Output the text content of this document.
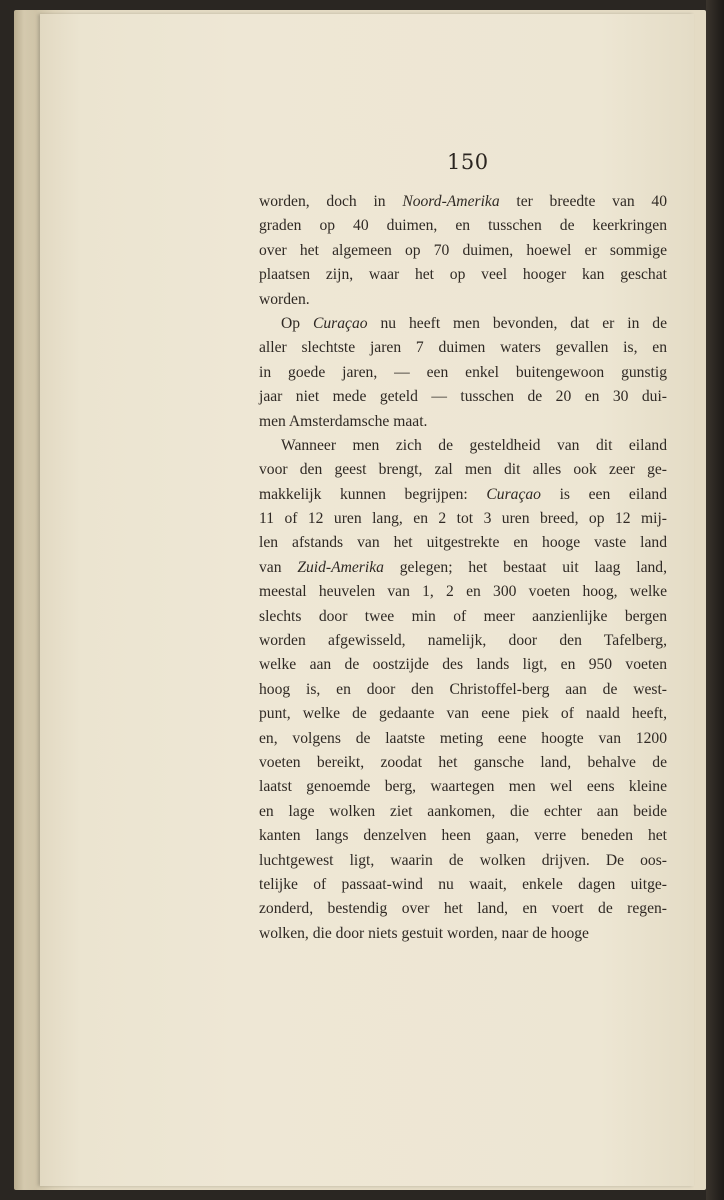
150

worden, doch in Noord-Amerika ter breedte van 40
graden op 40 duimen, en tusschen de keerkringen
over het algemeen op 70 duimen, hoewel er sommige
plaatsen zijn, waar het op veel hooger kan geschat
worden.

Op Curaçao nu heeft men bevonden, dat er in de
aller slechtste jaren 7 duimen waters gevallen is, en
in goede jaren, — een enkel buitengewoon gunstig
jaar niet mede geteld — tusschen de 20 en 30 dui-
men Amsterdamsche maat.

Wanneer men zich de gesteldheid van dit eiland
voor den geest brengt, zal men dit alles ook zeer ge-
makkelijk kunnen begrijpen: Curaçao is een eiland
11 of 12 uren lang, en 2 tot 3 uren breed, op 12 mij-
len afstands van het uitgestrekte en hooge vaste land
van Zuid-Amerika gelegen; het bestaat uit laag land,
meestal heuvelen van 1, 2 en 300 voeten hoog, welke
slechts door twee min of meer aanzienlijke bergen
worden afgewisseld, namelijk, door den Tafelberg,
welke aan de oostzijde des lands ligt, en 950 voeten
hoog is, en door den Christoffel-berg aan de west-
punt, welke de gedaante van eene piek of naald heeft,
en, volgens de laatste meting eene hoogte van 1200
voeten bereikt, zoodat het gansche land, behalve de
laatst genoemde berg, waartegen men wel eens kleine
en lage wolken ziet aankomen, die echter aan beide
kanten langs denzelven heen gaan, verre beneden het
luchtgewest ligt, waarin de wolken drijven. De oos-
telijke of passaat-wind nu waait, enkele dagen uitge-
zonderd, bestendig over het land, en voert de regen-
wolken, die door niets gestuit worden, naar de hooge
